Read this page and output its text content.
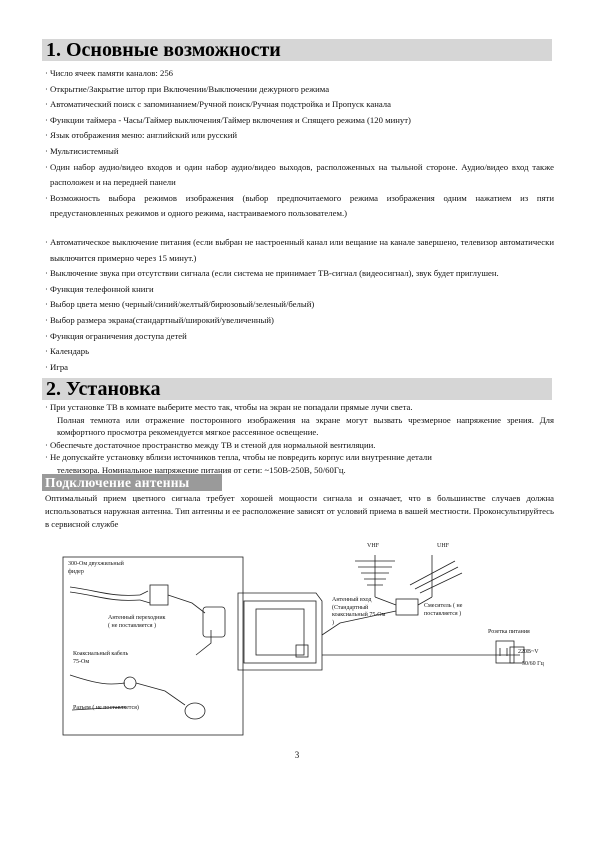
1. Основные возможности
· Число ячеек памяти каналов: 256
· Открытие/Закрытие штор при Включении/Выключении дежурного режима
· Автоматический поиск с запоминанием/Ручной поиск/Ручная подстройка и Пропуск канала
· Функции таймера - Часы/Таймер выключения/Таймер включения и Спящего режима (120 минут)
· Язык отображения меню: английский или русский
· Мультисистемный
· Один набор аудио/видео входов и один набор аудио/видео выходов, расположенных на тыльной стороне. Аудио/видео вход также расположен и на передней панели
· Возможность выбора режимов изображения (выбор предпочитаемого режима изображения одним нажатием из пяти предустановленных режимов и одного режима, настраиваемого пользователем.)
· Автоматическое выключение питания (если выбран не настроенный канал или вещание на канале завершено, телевизор автоматически выключится примерно через 15 минут.)
· Выключение звука при отсутствии сигнала (если система не принимает ТВ-сигнал (видеосигнал), звук будет приглушен.
· Функция телефонной книги
· Выбор цвета меню (черный/синий/желтый/бирюзовый/зеленый/белый)
· Выбор размера экрана(стандартный/широкий/увеличенный)
· Функция ограничения доступа детей
· Календарь
· Игра
2. Установка
· При установке ТВ в комнате выберите место так, чтобы на экран не попадали прямые лучи света.
Полная темнота или отражение посторонного изображения на экране могут вызвать чрезмерное напряжение зрения. Для комфортного просмотра рекомендуется мягкое рассеянное освещение.
· Обеспечьте достаточное пространство между ТВ и стеной для нормальной вентиляции.
· Не допускайте установку вблизи источников тепла, чтобы не повредить корпус или внутренние детали
телевизора. Номинальное напряжение питания от сети: ~150В-250В, 50/60Гц.
Подключение антенны
Оптимальный прием цветного сигнала требует хорошей мощности сигнала и означает, что в большинстве случаев должна использоваться наружная антенна. Тип антенны и ее расположение зависят от условий приема в вашей местности. Проконсультируйтесь в сервисной службе
300-Ом двухжильный фидер
Антенный переходник ( не поставляется )
Коаксиальный кабель 75-Ом
Разъем ( не поставляется)
VHF	UHF
Антенный вход (Стандартный коаксиальный 75-Ом )
Смеситель ( не поставляется )
Розетка питания
220В~V
50/60 Гц
3
